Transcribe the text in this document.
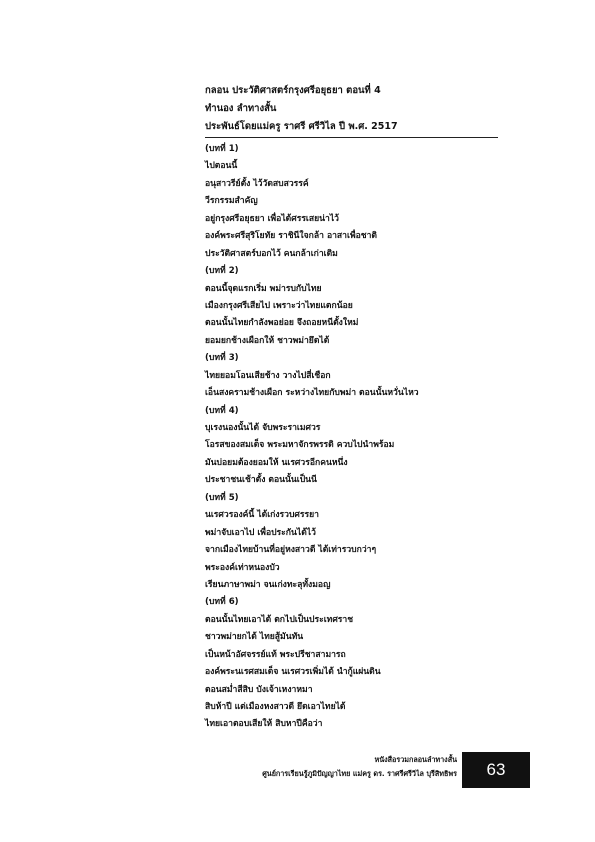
กลอน ประวัติศาสตร์กรุงศรีอยุธยา ตอนที่ 4
ทำนอง ลำทางสั้น
ประพันธ์โดยแม่ครู ราศรี ศรีวิไล ปี พ.ศ. 2517
(บทที่ 1)
ไปตอนนี้
อนุสาวรีย์ตั้ง ไว้วัดสบสวรรค์
วีรกรรมสำคัญ
อยู่กรุงศรีอยุธยา เพื่อได้ศรรเสยน่าไว้
องค์พระศรีสุริโยทัย ราชินีใจกล้า อาสาเพื่อชาติ
ประวัติศาสตร์บอกไว้ คนกล้าเก่าเดิม
(บทที่ 2)
ตอนนี้จุดแรกเริ่ม พม่ารบกับไทย
เมืองกรุงศรีเสียไป เพราะว่าไทยแตกน้อย
ตอนนั้นไทยกำลังพอย่อย จึงถอยหนีตั้งใหม่
ยอมยกช้างเผือกให้ ชาวพม่ายึดได้
(บทที่ 3)
ไทยยอมโอนเสียช้าง วางไปสี่เชือก
เอ็นสงครามช้างเผือก ระหว่างไทยกับพม่า ตอนนั้นหวั่นไหว
(บทที่ 4)
บุเรงนองนั้นได้ จับพระราเมศวร
โอรสของสมเด็จ พระมหาจักรพรรดิ ควบไปนำพร้อม
มันบ่อยมต้องยอมให้ นเรศวรอีกคนหนึ่ง
ประชาชนเช้าตั้ง ตอนนั้นเป็นนี
(บทที่ 5)
นเรศวรองค์นี้ ได้เก่งรวบศรรยา
พม่าจับเอาไป เพื่อประกันได้ไว้
จากเมืองไทยบ้านที่อยู่หงสาวดี ได้เท่ารวบกว่าๆ
พระองค์เท่าหนองบัว
เรียนภาษาพม่า จนเก่งทะลุทั้งมอญ
(บทที่ 6)
ตอนนั้นไทยเอาได้ ตกไปเป็นประเทศราช
ชาวพม่ายกได้ ไทยสู้มันทัน
เป็นหน้าอัศจรรย์แท้ พระปรีชาสามารถ
องค์พระนเรศสมเด็จ นเรศวรเพิ่มได้ นำกู้แผ่นดิน
ตอนสม่ำสีสิบ บังเจ้าเหงาหมา
สิบห้าปี แต่เมืองหงสาวดี ยึดเอาไทยได้
ไทยเอาตอบเสียให้ สิบหาปีคือว่า
หนังสือรวมกลอนลำทางสั้น
ศูนย์การเรียนรู้ภูมิปัญญาไทย แม่ครู ดร. ราศรีศรีวิไล บุรีสิทธิพร 63
